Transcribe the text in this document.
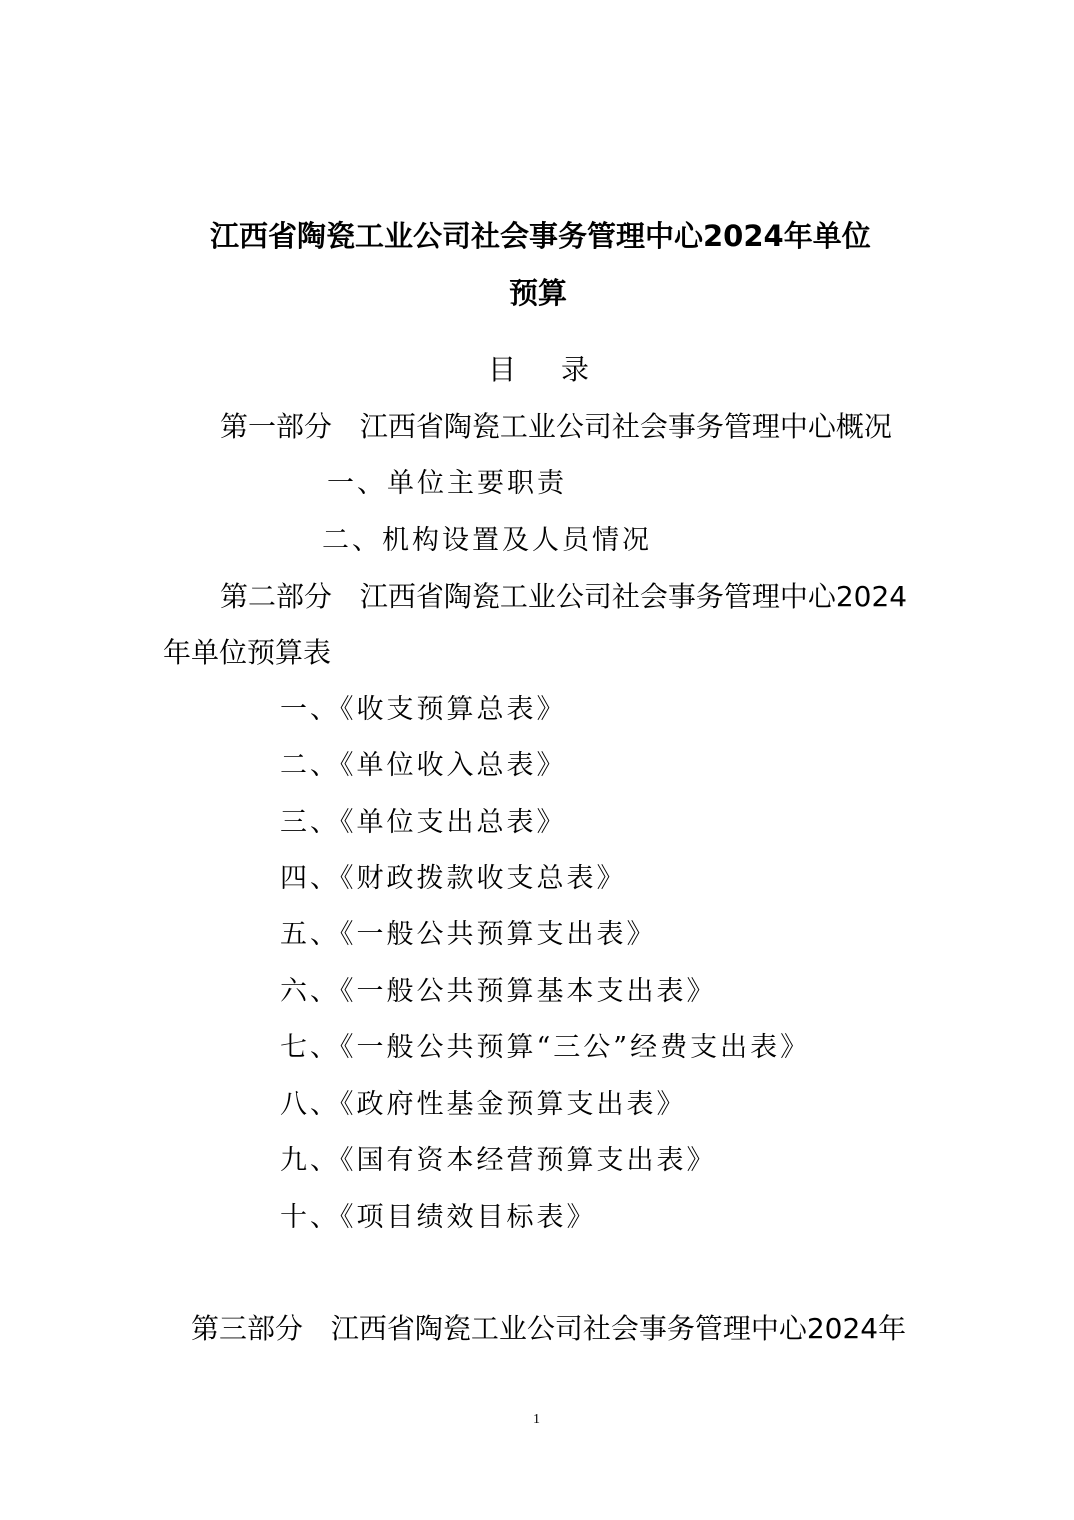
江西省陶瓷工业公司社会事务管理中心2024年单位
预算
目 录
第一部分 江西省陶瓷工业公司社会事务管理中心概况
一、单位主要职责
二、机构设置及人员情况
第二部分 江西省陶瓷工业公司社会事务管理中心2024
年单位预算表
一、《收支预算总表》
二、《单位收入总表》
三、《单位支出总表》
四、《财政拨款收支总表》
五、《一般公共预算支出表》
六、《一般公共预算基本支出表》
七、《一般公共预算“三公”经费支出表》
八、《政府性基金预算支出表》
九、《国有资本经营预算支出表》
十、《项目绩效目标表》
第三部分 江西省陶瓷工业公司社会事务管理中心2024年
1
